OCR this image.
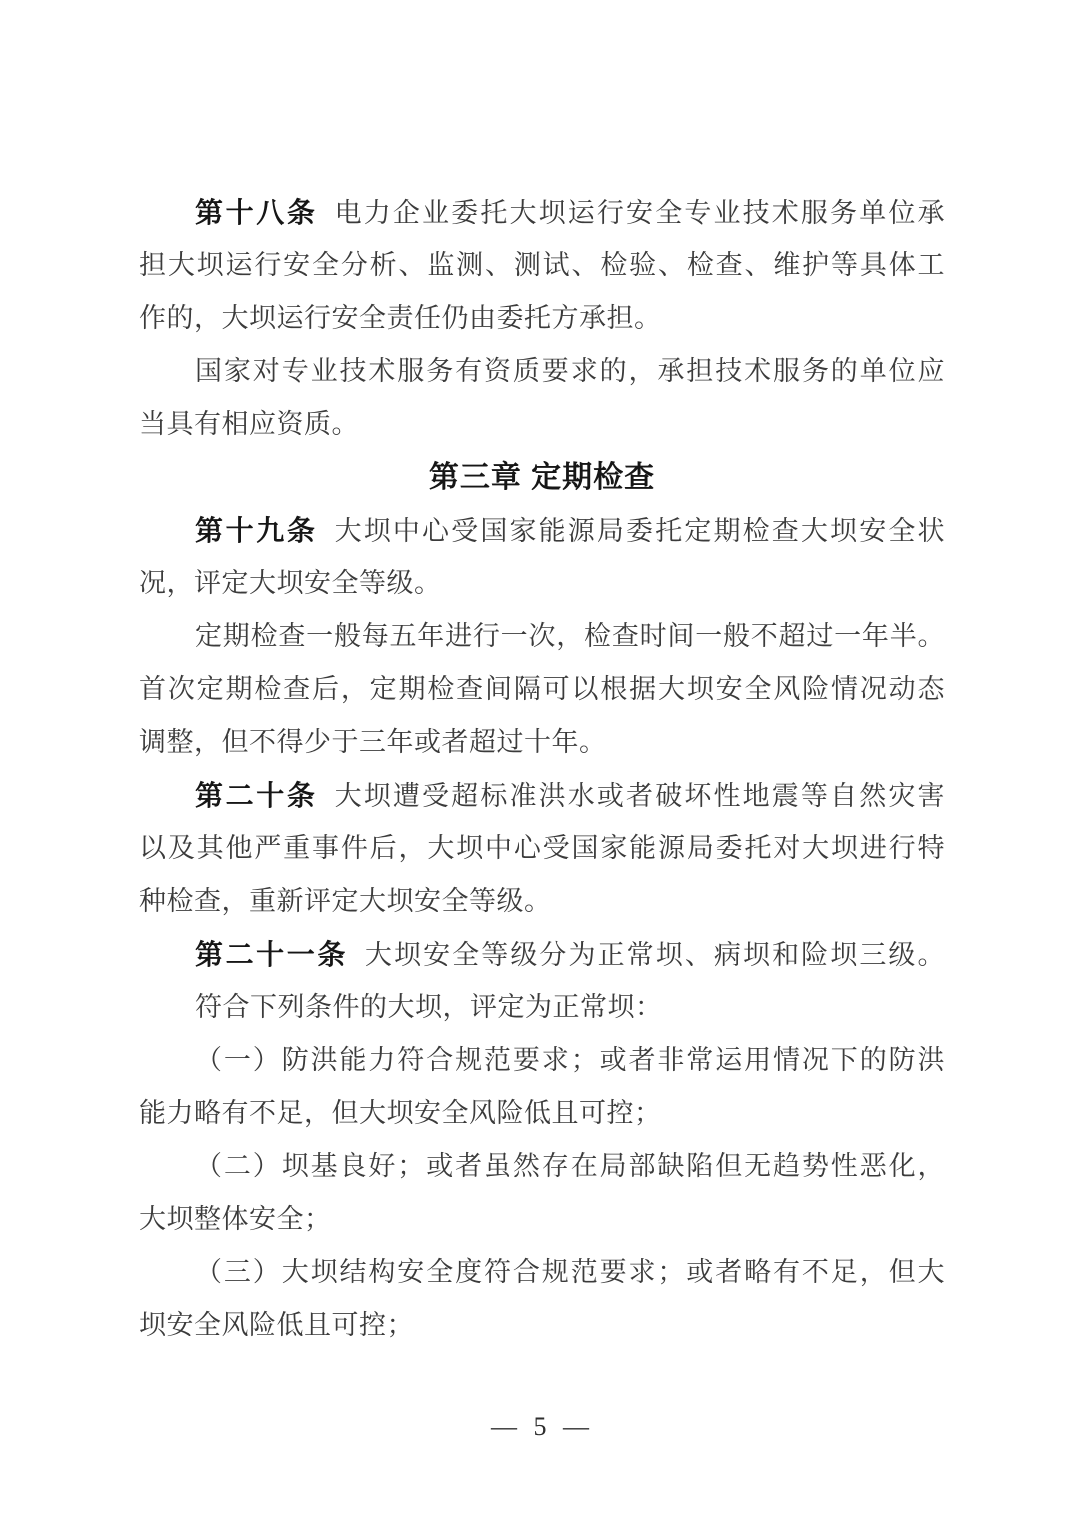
第十八条 电力企业委托大坝运行安全专业技术服务单位承
担大坝运行安全分析、监测、测试、检验、检查、维护等具体工
作的，大坝运行安全责任仍由委托方承担。
国家对专业技术服务有资质要求的，承担技术服务的单位应
当具有相应资质。
第三章 定期检查
第十九条 大坝中心受国家能源局委托定期检查大坝安全状
况，评定大坝安全等级。
定期检查一般每五年进行一次，检查时间一般不超过一年半。
首次定期检查后，定期检查间隔可以根据大坝安全风险情况动态
调整，但不得少于三年或者超过十年。
第二十条 大坝遭受超标准洪水或者破坏性地震等自然灾害
以及其他严重事件后，大坝中心受国家能源局委托对大坝进行特
种检查，重新评定大坝安全等级。
第二十一条 大坝安全等级分为正常坝、病坝和险坝三级。
符合下列条件的大坝，评定为正常坝：
（一）防洪能力符合规范要求；或者非常运用情况下的防洪
能力略有不足，但大坝安全风险低且可控；
（二）坝基良好；或者虽然存在局部缺陷但无趋势性恶化，
大坝整体安全；
（三）大坝结构安全度符合规范要求；或者略有不足，但大
坝安全风险低且可控；
— 5 —
